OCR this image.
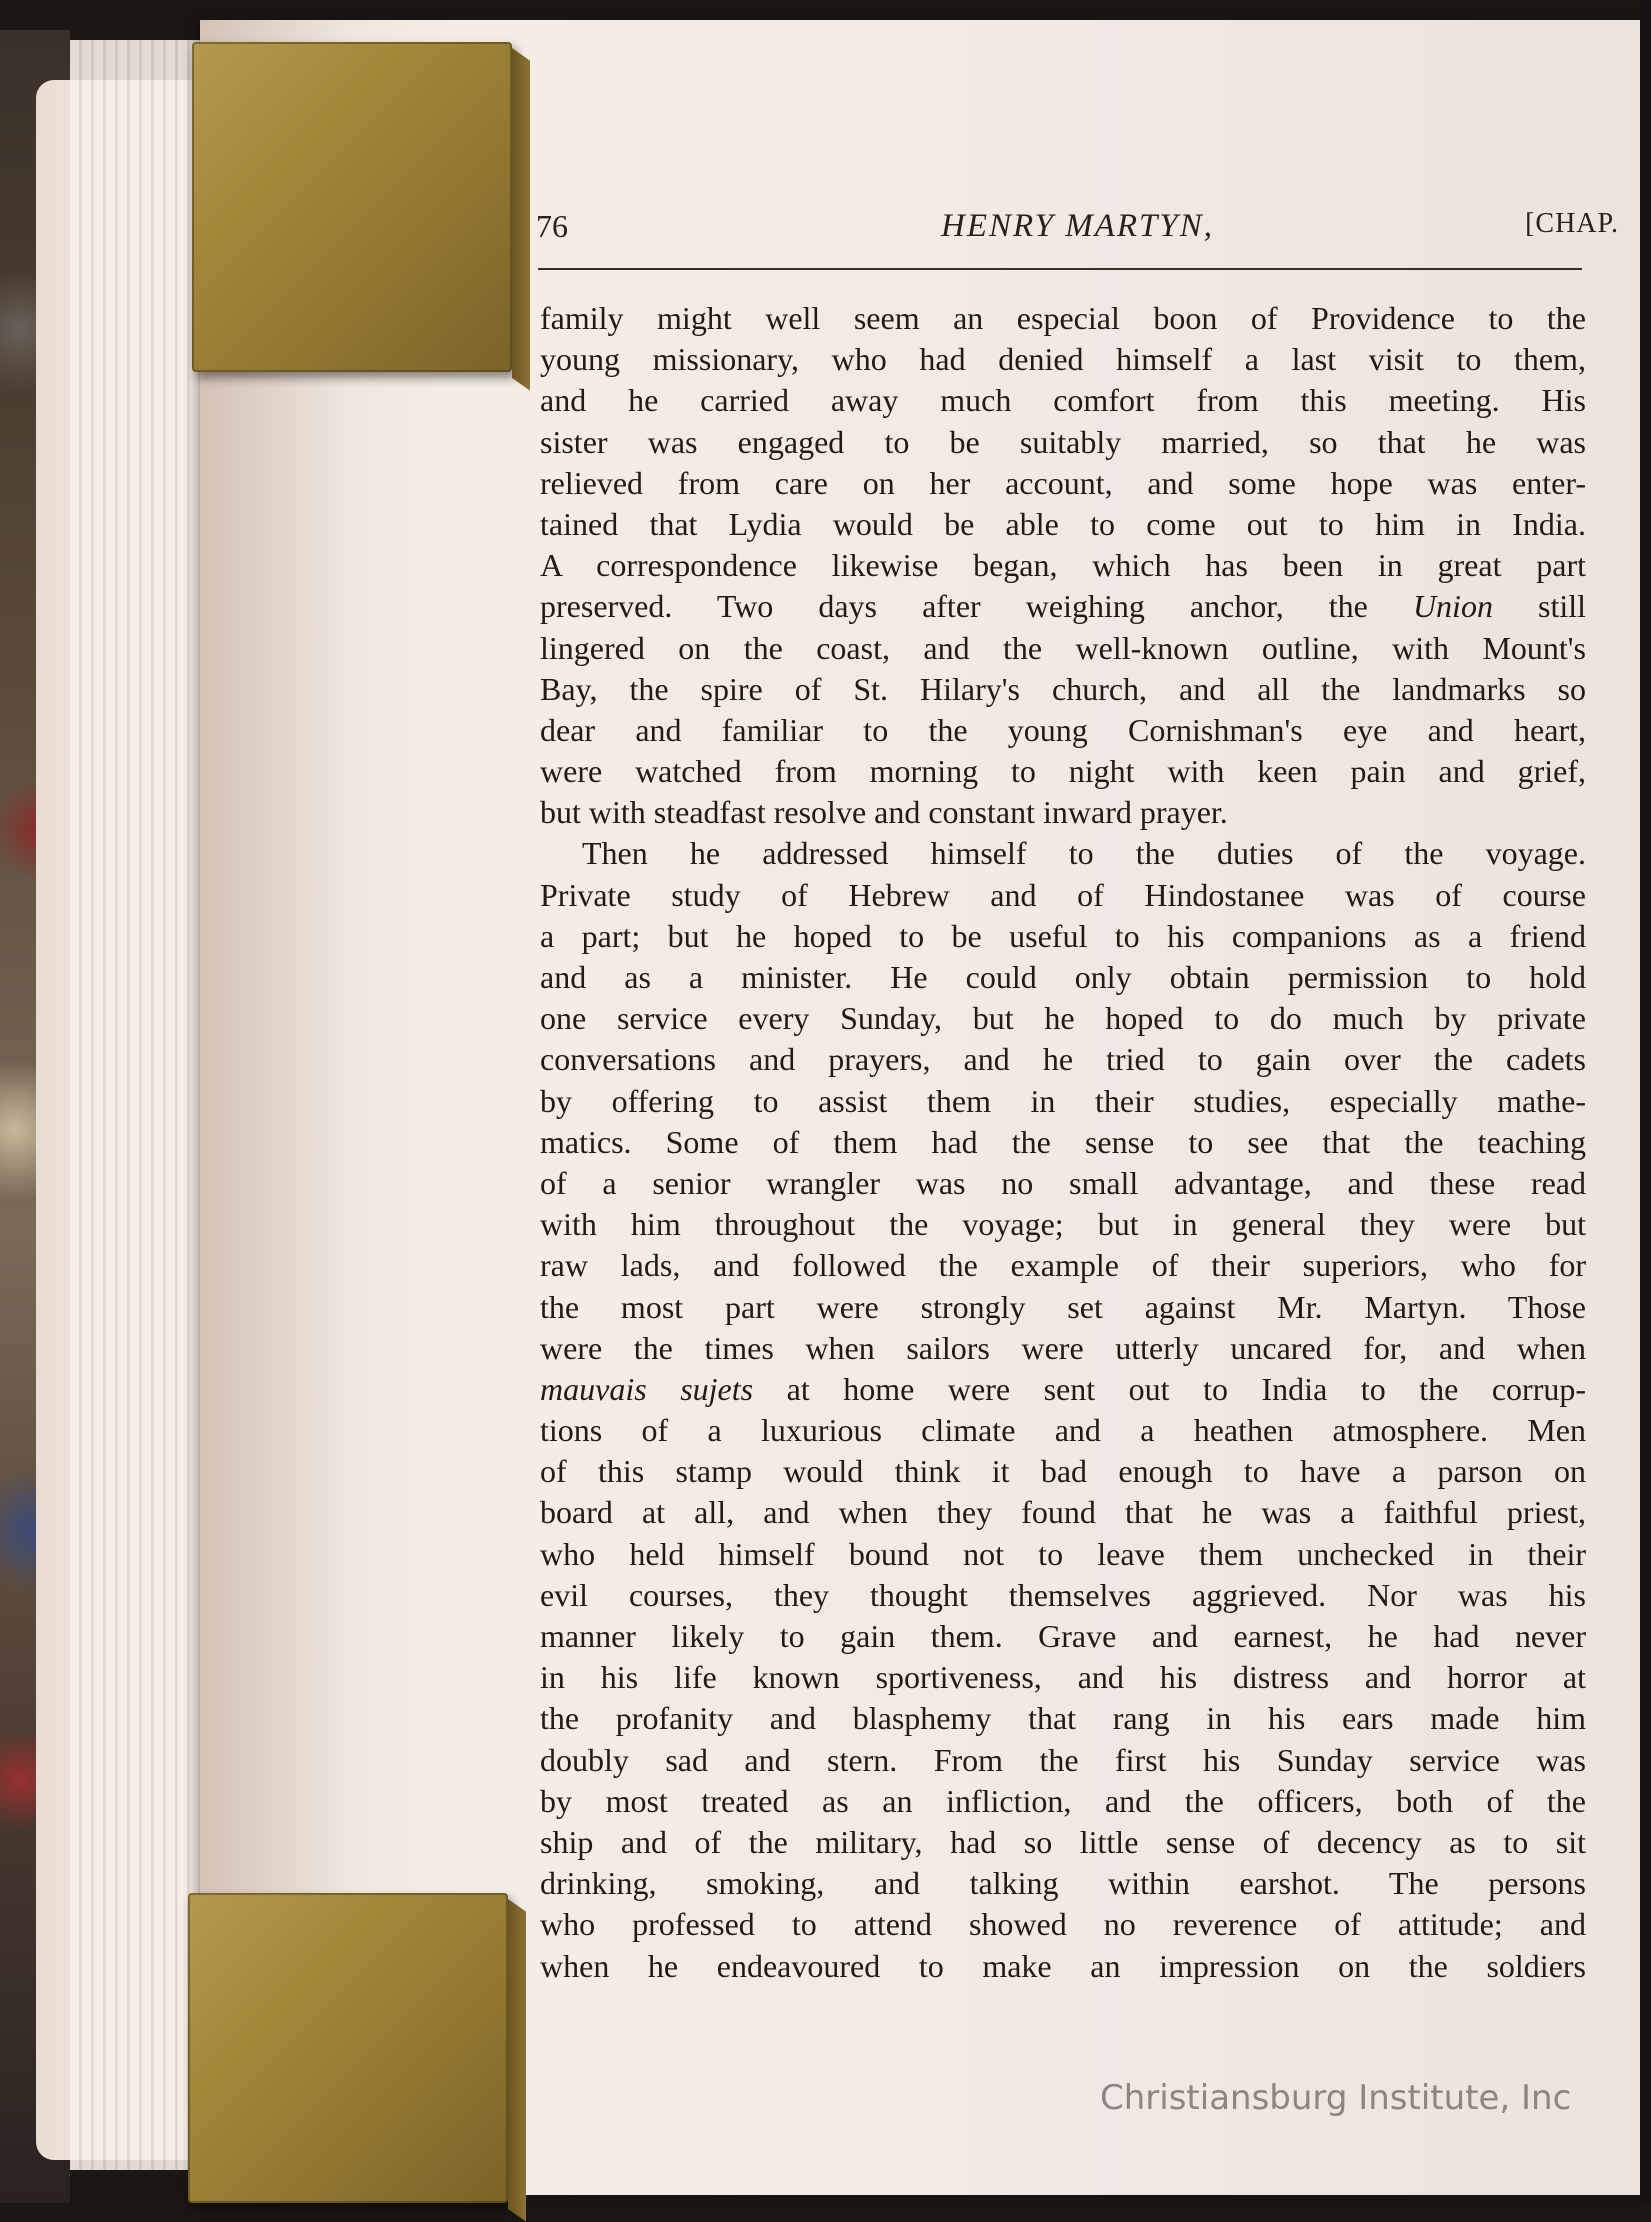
76	HENRY MARTYN,	[CHAP.
family might well seem an especial boon of Providence to the
young missionary, who had denied himself a last visit to them,
and he carried away much comfort from this meeting. His
sister was engaged to be suitably married, so that he was
relieved from care on her account, and some hope was enter-
tained that Lydia would be able to come out to him in India.
A correspondence likewise began, which has been in great part
preserved. Two days after weighing anchor, the Union still
lingered on the coast, and the well-known outline, with Mount's
Bay, the spire of St. Hilary's church, and all the landmarks so
dear and familiar to the young Cornishman's eye and heart,
were watched from morning to night with keen pain and grief,
but with steadfast resolve and constant inward prayer.
Then he addressed himself to the duties of the voyage.
Private study of Hebrew and of Hindostanee was of course
a part; but he hoped to be useful to his companions as a friend
and as a minister. He could only obtain permission to hold
one service every Sunday, but he hoped to do much by private
conversations and prayers, and he tried to gain over the cadets
by offering to assist them in their studies, especially mathe-
matics. Some of them had the sense to see that the teaching
of a senior wrangler was no small advantage, and these read
with him throughout the voyage; but in general they were but
raw lads, and followed the example of their superiors, who for
the most part were strongly set against Mr. Martyn. Those
were the times when sailors were utterly uncared for, and when
mauvais sujets at home were sent out to India to the corrup-
tions of a luxurious climate and a heathen atmosphere. Men
of this stamp would think it bad enough to have a parson on
board at all, and when they found that he was a faithful priest,
who held himself bound not to leave them unchecked in their
evil courses, they thought themselves aggrieved. Nor was his
manner likely to gain them. Grave and earnest, he had never
in his life known sportiveness, and his distress and horror at
the profanity and blasphemy that rang in his ears made him
doubly sad and stern. From the first his Sunday service was
by most treated as an infliction, and the officers, both of the
ship and of the military, had so little sense of decency as to sit
drinking, smoking, and talking within earshot. The persons
who professed to attend showed no reverence of attitude; and
when he endeavoured to make an impression on the soldiers
Christiansburg Institute, Inc
